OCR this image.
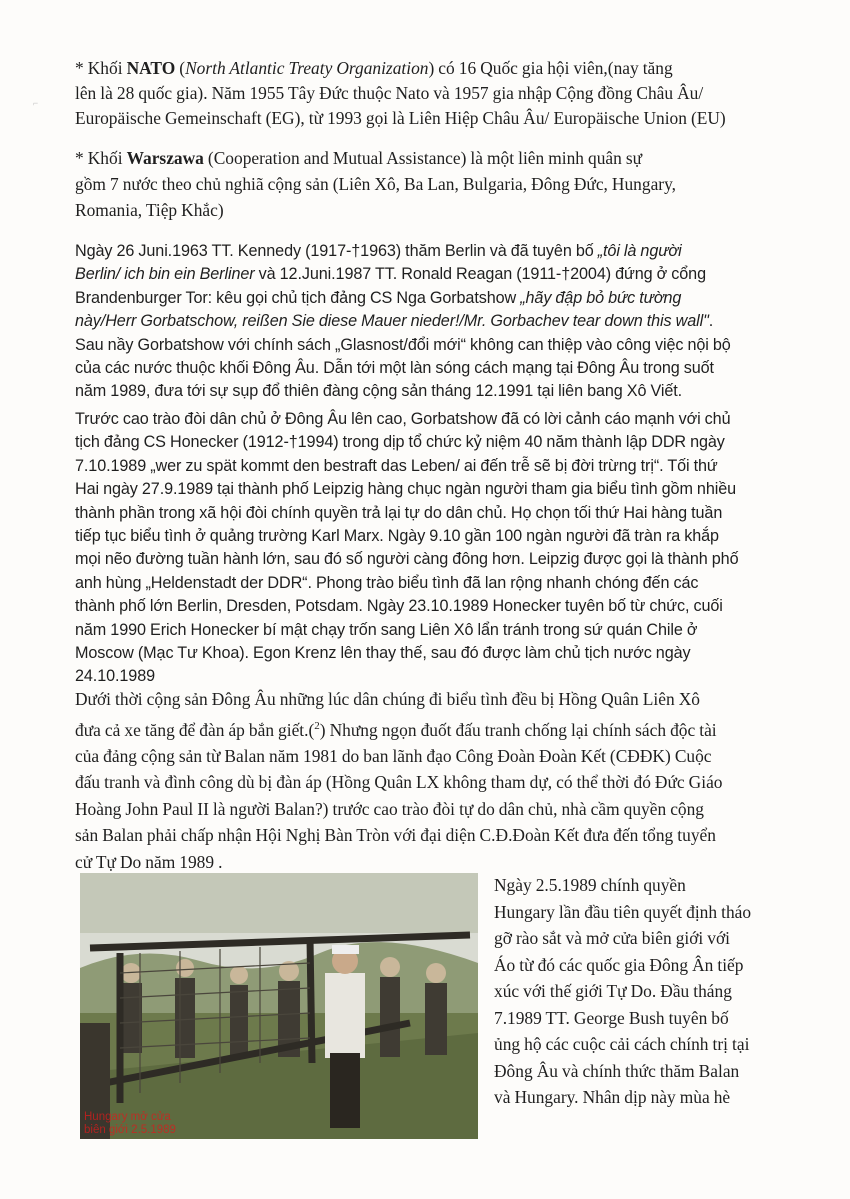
⌐

* Khối NATO (North Atlantic Treaty Organization) có 16 Quốc gia hội viên,(nay tăng
lên là 28 quốc gia). Năm 1955 Tây Đức thuộc Nato và 1957 gia nhập Cộng đồng Châu Âu/
Europäische Gemeinschaft (EG), từ 1993 gọi là Liên Hiệp Châu Âu/ Europäische Union (EU)

* Khối Warszawa (Cooperation and Mutual Assistance) là một liên minh quân sự
gồm 7 nước theo chủ nghiã cộng sản (Liên Xô, Ba Lan, Bulgaria, Đông Đức, Hungary,
Romania, Tiệp Khắc)

Ngày 26 Juni.1963 TT. Kennedy (1917-†1963) thăm Berlin và đã tuyên bố „tôi là người
Berlin/ ich bin ein Berliner và 12.Juni.1987 TT. Ronald Reagan (1911-†2004) đứng ở cổng
Brandenburger Tor: kêu gọi chủ tịch đảng CS Nga Gorbatshow „hãy đập bỏ bức tường
này/Herr Gorbatschow, reißen Sie diese Mauer nieder!/Mr. Gorbachev tear down this wall".
Sau nầy Gorbatshow với chính sách „Glasnost/đổi mới“ không can thiệp vào công việc nội bộ
của các nước thuộc khối Đông Âu. Dẫn tới một làn sóng cách mạng tại Đông Âu trong suốt
năm 1989, đưa tới sự sụp đổ thiên đàng cộng sản tháng 12.1991 tại liên bang Xô Viết.

Trước cao trào đòi dân chủ ở Đông Âu lên cao, Gorbatshow đã có lời cảnh cáo mạnh với chủ
tịch đảng CS Honecker (1912-†1994) trong dịp tổ chức kỷ niệm 40 năm thành lập DDR ngày
7.10.1989 „wer zu spät kommt den bestraft das Leben/ ai đến trễ sẽ bị đời trừng trị“. Tối thứ
Hai ngày 27.9.1989 tại thành phố Leipzig hàng chục ngàn người tham gia biểu tình gồm nhiều
thành phần trong xã hội đòi chính quyền trả lại tự do dân chủ. Họ chọn tối thứ Hai hàng tuần
tiếp tục biểu tình ở quảng trường Karl Marx. Ngày 9.10 gần 100 ngàn người đã tràn ra khắp
mọi nẽo đường tuần hành lớn, sau đó số người càng đông hơn. Leipzig được gọi là thành phố
anh hùng „Heldenstadt der DDR“. Phong trào biểu tình đã lan rộng nhanh chóng đến các
thành phố lớn Berlin, Dresden, Potsdam. Ngày 23.10.1989 Honecker tuyên bố từ chức, cuối
năm 1990 Erich Honecker bí mật chạy trốn sang Liên Xô lẩn tránh trong sứ quán Chile ở
Moscow (Mạc Tư Khoa). Egon Krenz lên thay thế, sau đó được làm chủ tịch nước ngày
24.10.1989

Dưới thời cộng sản Đông Âu những lúc dân chúng đi biểu tình đều bị Hồng Quân Liên Xô
đưa cả xe tăng để đàn áp bắn giết.($^2$) Nhưng ngọn đuốt đấu tranh chống lại chính sách độc tài
của đảng cộng sản từ Balan năm 1981 do ban lãnh đạo Công Đoàn Đoàn Kết (CĐĐK) Cuộc
đấu tranh và đình công dù bị đàn áp (Hồng Quân LX không tham dự, có thể thời đó Đức Giáo
Hoàng John Paul II là người Balan?) trước cao trào đòi tự do dân chủ, nhà cầm quyền cộng
sản Balan phải chấp nhận Hội Nghị Bàn Tròn với đại diện C.Đ.Đoàn Kết đưa đến tổng tuyển
cử Tự Do năm 1989 .

Hungary mở cửa
biên giới 2.5.1989

Ngày 2.5.1989 chính quyền
Hungary lần đầu tiên quyết định tháo
gỡ rào sắt và mở cửa biên giới với
Áo từ đó các quốc gia Đông Ân tiếp
xúc với thế giới Tự Do. Đầu tháng
7.1989 TT. George Bush tuyên bố
ủng hộ các cuộc cải cách chính trị tại
Đông Âu và chính thức thăm Balan
và Hungary. Nhân dịp này mùa hè
